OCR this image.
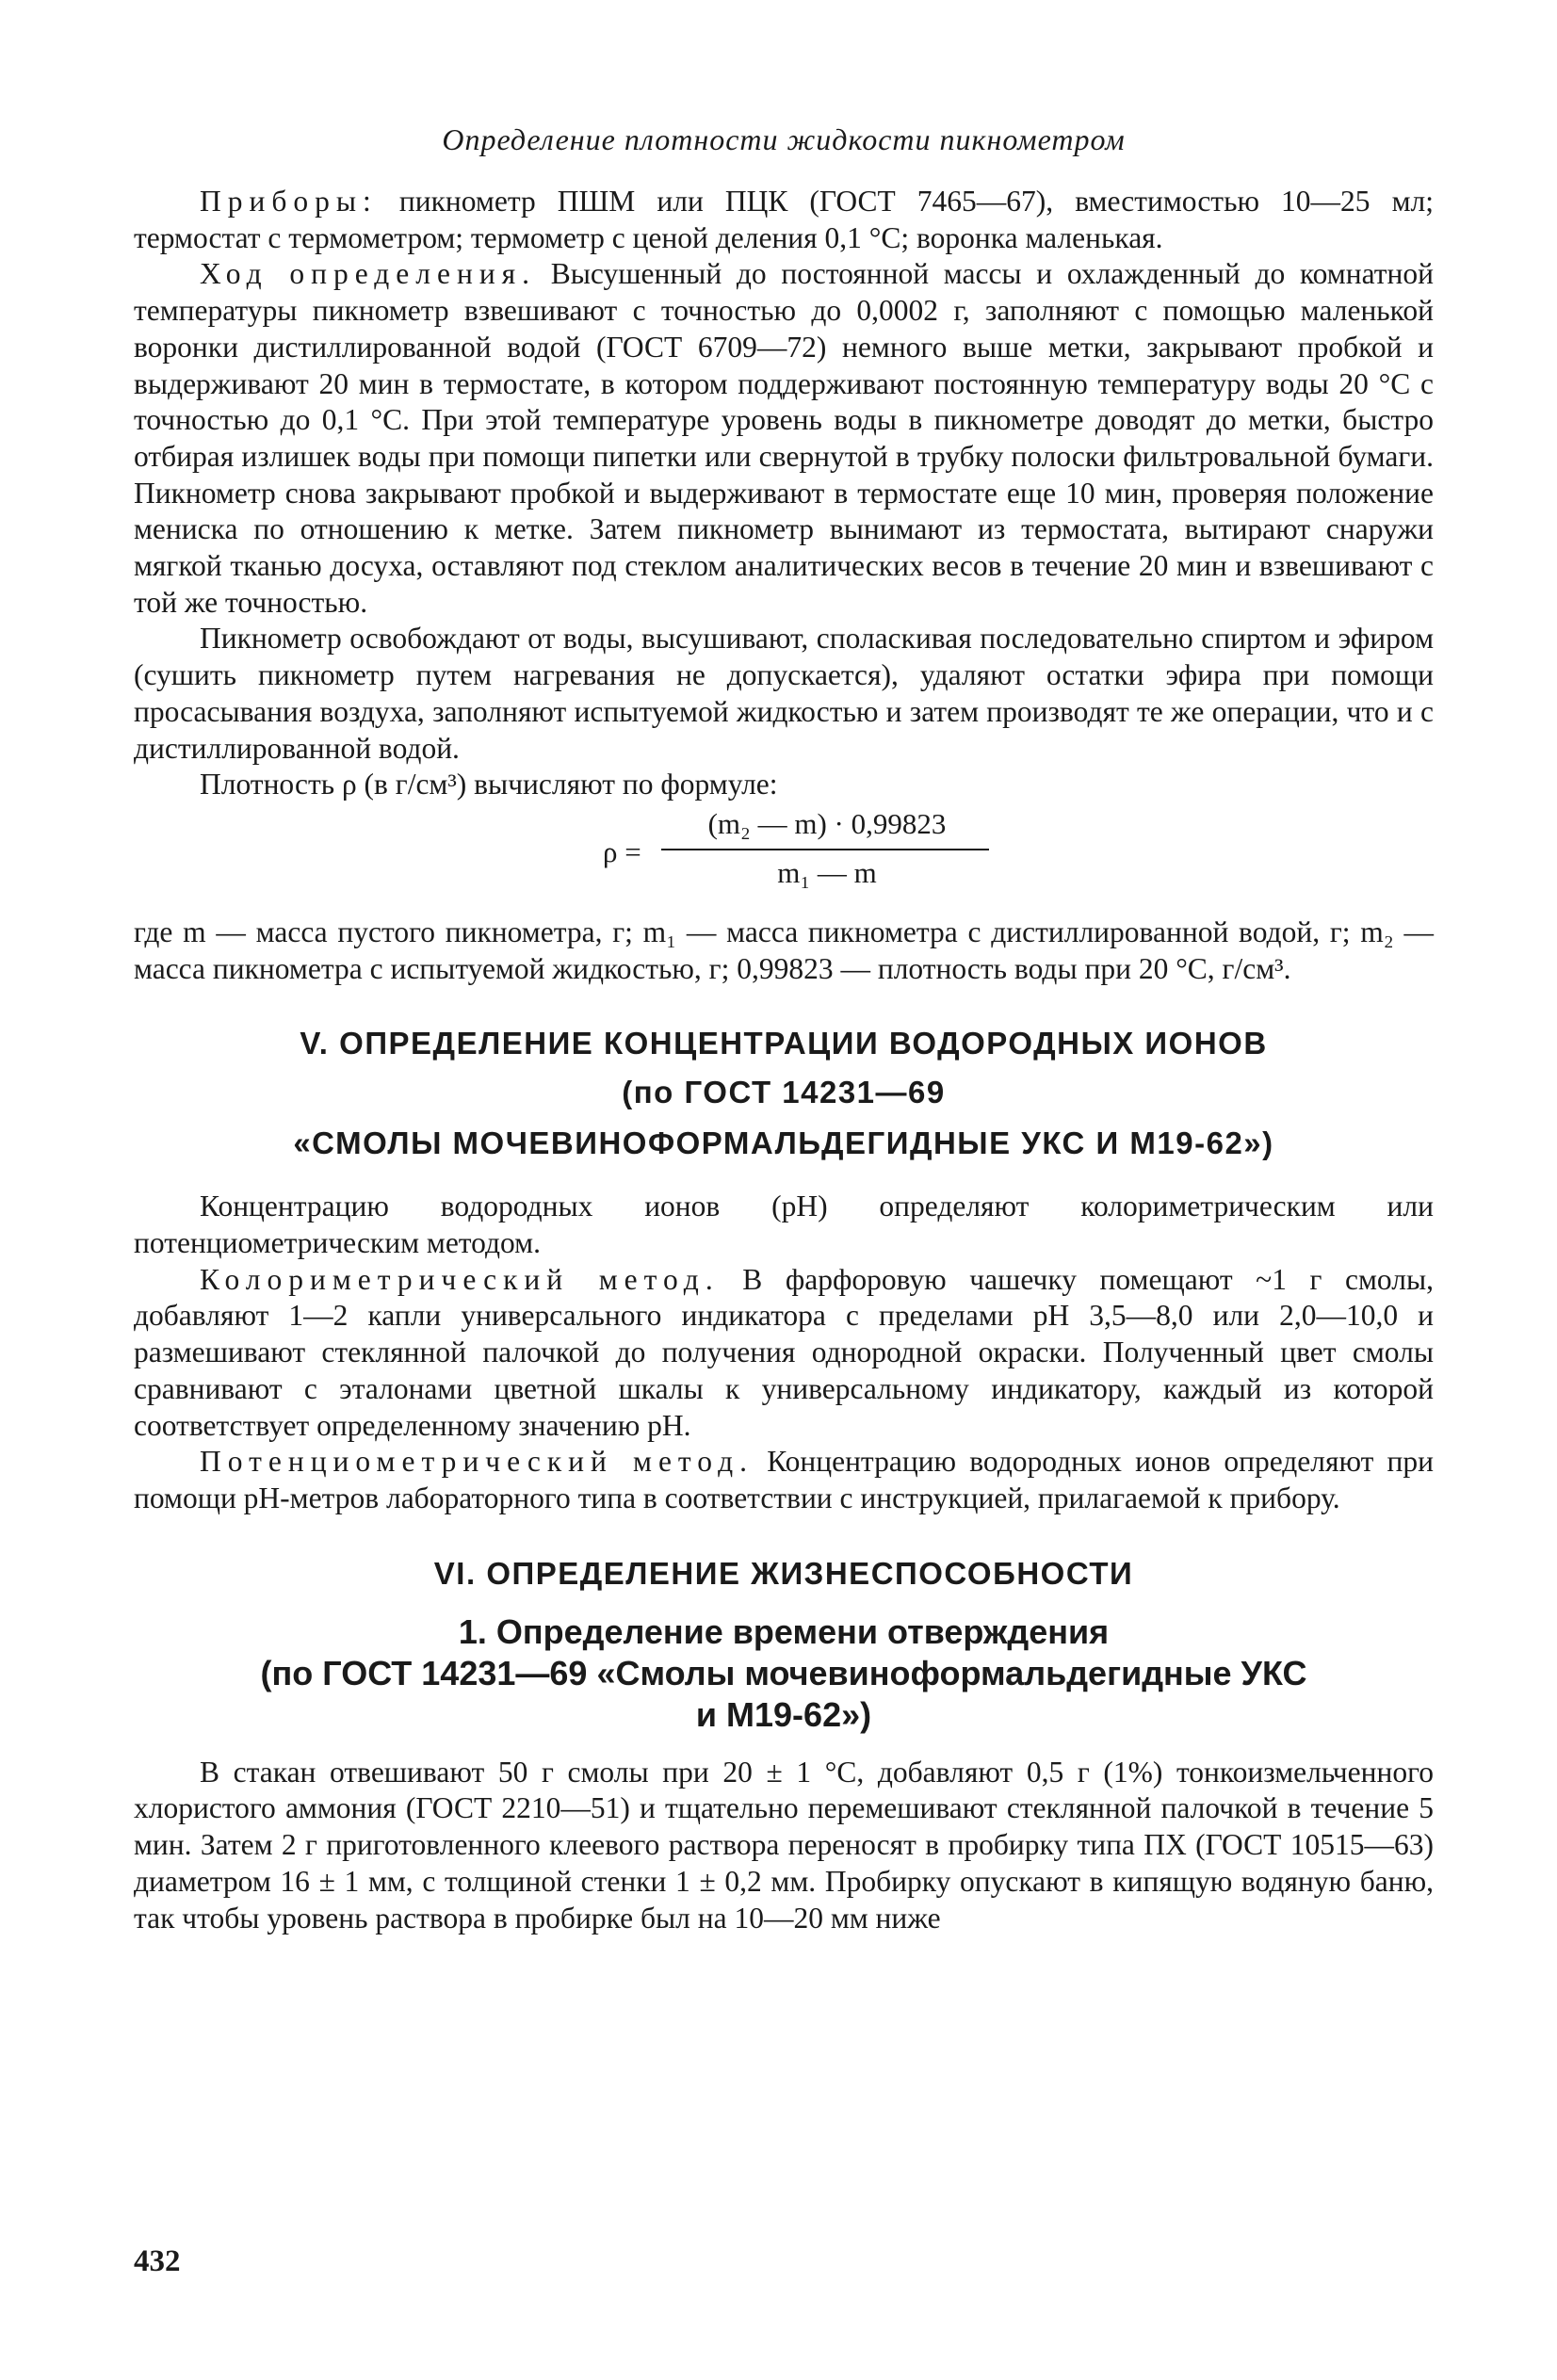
Определение плотности жидкости пикнометром

Приборы: пикнометр ПШМ или ПЦК (ГОСТ 7465—67), вместимостью 10—25 мл; термостат с термометром; термометр с ценой деления 0,1 °С; воронка маленькая.

Ход определения. Высушенный до постоянной массы и охлажденный до комнатной температуры пикнометр взвешивают с точностью до 0,0002 г, заполняют с помощью маленькой воронки дистиллированной водой (ГОСТ 6709—72) немного выше метки, закрывают пробкой и выдерживают 20 мин в термостате, в котором поддерживают постоянную температуру воды 20 °С с точностью до 0,1 °С. При этой температуре уровень воды в пикнометре доводят до метки, быстро отбирая излишек воды при помощи пипетки или свернутой в трубку полоски фильтровальной бумаги. Пикнометр снова закрывают пробкой и выдерживают в термостате еще 10 мин, проверяя положение мениска по отношению к метке. Затем пикнометр вынимают из термостата, вытирают снаружи мягкой тканью досуха, оставляют под стеклом аналитических весов в течение 20 мин и взвешивают с той же точностью.

Пикнометр освобождают от воды, высушивают, споласкивая последовательно спиртом и эфиром (сушить пикнометр путем нагревания не допускается), удаляют остатки эфира при помощи просасывания воздуха, заполняют испытуемой жидкостью и затем производят те же операции, что и с дистиллированной водой.

Плотность ρ (в г/см³) вычисляют по формуле:

ρ =
(m₂ — m) · 0,99823
m₁ — m

где m — масса пустого пикнометра, г; m₁ — масса пикнометра с дистиллированной водой, г; m₂ — масса пикнометра с испытуемой жидкостью, г; 0,99823 — плотность воды при 20 °С, г/см³.

V. ОПРЕДЕЛЕНИЕ КОНЦЕНТРАЦИИ ВОДОРОДНЫХ ИОНОВ
(по ГОСТ 14231—69
«СМОЛЫ МОЧЕВИНОФОРМАЛЬДЕГИДНЫЕ УКС И М19-62»)

Концентрацию водородных ионов (рН) определяют колориметрическим или потенциометрическим методом.

Колориметрический метод. В фарфоровую чашечку помещают ~1 г смолы, добавляют 1—2 капли универсального индикатора с пределами рН 3,5—8,0 или 2,0—10,0 и размешивают стеклянной палочкой до получения однородной окраски. Полученный цвет смолы сравнивают с эталонами цветной шкалы к универсальному индикатору, каждый из которой соответствует определенному значению рН.

Потенциометрический метод. Концентрацию водородных ионов определяют при помощи рН-метров лабораторного типа в соответствии с инструкцией, прилагаемой к прибору.

VI. ОПРЕДЕЛЕНИЕ ЖИЗНЕСПОСОБНОСТИ
1. Определение времени отверждения
(по ГОСТ 14231—69 «Смолы мочевиноформальдегидные УКС
и М19-62»)

В стакан отвешивают 50 г смолы при 20 ± 1 °С, добавляют 0,5 г (1%) тонкоизмельченного хлористого аммония (ГОСТ 2210—51) и тщательно перемешивают стеклянной палочкой в течение 5 мин. Затем 2 г приготовленного клеевого раствора переносят в пробирку типа ПХ (ГОСТ 10515—63) диаметром 16 ± 1 мм, с толщиной стенки 1 ± 0,2 мм. Пробирку опускают в кипящую водяную баню, так чтобы уровень раствора в пробирке был на 10—20 мм ниже

432
